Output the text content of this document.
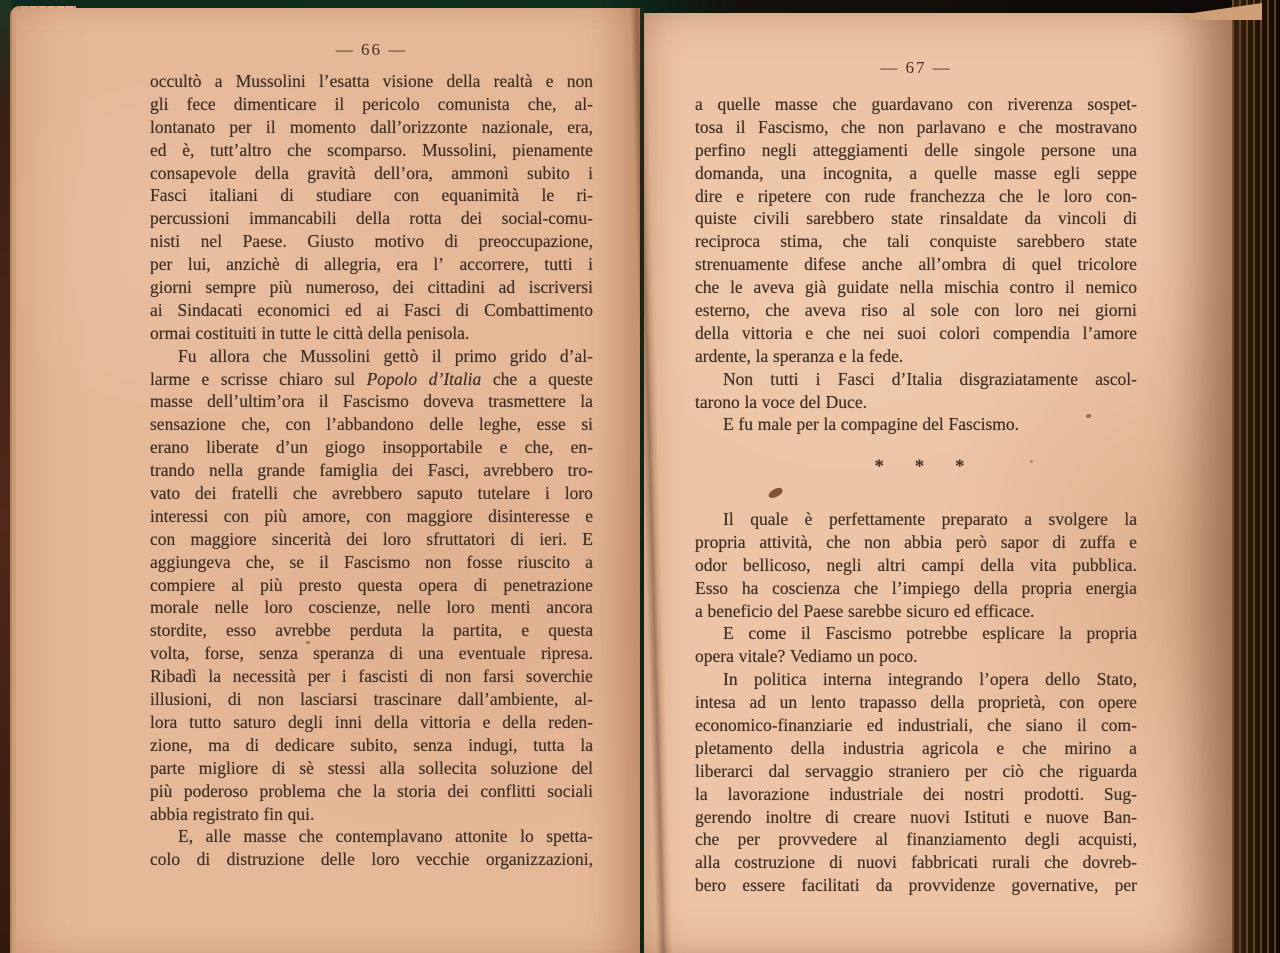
— 66 —
— 67 —
occultò a Mussolini l’esatta visione della realtà e non
gli fece dimenticare il pericolo comunista che, al-
lontanato per il momento dall’orizzonte nazionale, era,
ed è, tutt’altro che scomparso. Mussolini, pienamente
consapevole della gravità dell’ora, ammonì subito i
Fasci italiani di studiare con equanimità le ri-
percussioni immancabili della rotta dei social-comu-
nisti nel Paese. Giusto motivo di preoccupazione,
per lui, anzichè di allegria, era l’ accorrere, tutti i
giorni sempre più numeroso, dei cittadini ad iscriversi
ai Sindacati economici ed ai Fasci di Combattimento
ormai costituiti in tutte le città della penisola.
Fu allora che Mussolini gettò il primo grido d’al-
larme e scrisse chiaro sul Popolo d’Italia che a queste
masse dell’ultim’ora il Fascismo doveva trasmettere la
sensazione che, con l’abbandono delle leghe, esse si
erano liberate d’un giogo insopportabile e che, en-
trando nella grande famiglia dei Fasci, avrebbero tro-
vato dei fratelli che avrebbero saputo tutelare i loro
interessi con più amore, con maggiore disinteresse e
con maggiore sincerità dei loro sfruttatori di ieri. E
aggiungeva che, se il Fascismo non fosse riuscito a
compiere al più presto questa opera di penetrazione
morale nelle loro coscienze, nelle loro menti ancora
stordite, esso avrebbe perduta la partita, e questa
volta, forse, senza speranza di una eventuale ripresa.
Ribadì la necessità per i fascisti di non farsi soverchie
illusioni, di non lasciarsi trascinare dall’ambiente, al-
lora tutto saturo degli inni della vittoria e della reden-
zione, ma di dedicare subito, senza indugi, tutta la
parte migliore di sè stessi alla sollecita soluzione del
più poderoso problema che la storia dei conflitti sociali
abbia registrato fin qui.
E, alle masse che contemplavano attonite lo spetta-
colo di distruzione delle loro vecchie organizzazioni,
a quelle masse che guardavano con riverenza sospet-
tosa il Fascismo, che non parlavano e che mostravano
perfino negli atteggiamenti delle singole persone una
domanda, una incognita, a quelle masse egli seppe
dire e ripetere con rude franchezza che le loro con-
quiste civili sarebbero state rinsaldate da vincoli di
reciproca stima, che tali conquiste sarebbero state
strenuamente difese anche all’ombra di quel tricolore
che le aveva già guidate nella mischia contro il nemico
esterno, che aveva riso al sole con loro nei giorni
della vittoria e che nei suoi colori compendia l’amore
ardente, la speranza e la fede.
Non tutti i Fasci d’Italia disgraziatamente ascol-
tarono la voce del Duce.
E fu male per la compagine del Fascismo.
* * *
Il quale è perfettamente preparato a svolgere la
propria attività, che non abbia però sapor di zuffa e
odor bellicoso, negli altri campi della vita pubblica.
Esso ha coscienza che l’impiego della propria energia
a beneficio del Paese sarebbe sicuro ed efficace.
E come il Fascismo potrebbe esplicare la propria
opera vitale? Vediamo un poco.
In politica interna integrando l’opera dello Stato,
intesa ad un lento trapasso della proprietà, con opere
economico-finanziarie ed industriali, che siano il com-
pletamento della industria agricola e che mirino a
liberarci dal servaggio straniero per ciò che riguarda
la lavorazione industriale dei nostri prodotti. Sug-
gerendo inoltre di creare nuovi Istituti e nuove Ban-
che per provvedere al finanziamento degli acquisti,
alla costruzione di nuovi fabbricati rurali che dovreb-
bero essere facilitati da provvidenze governative, per
